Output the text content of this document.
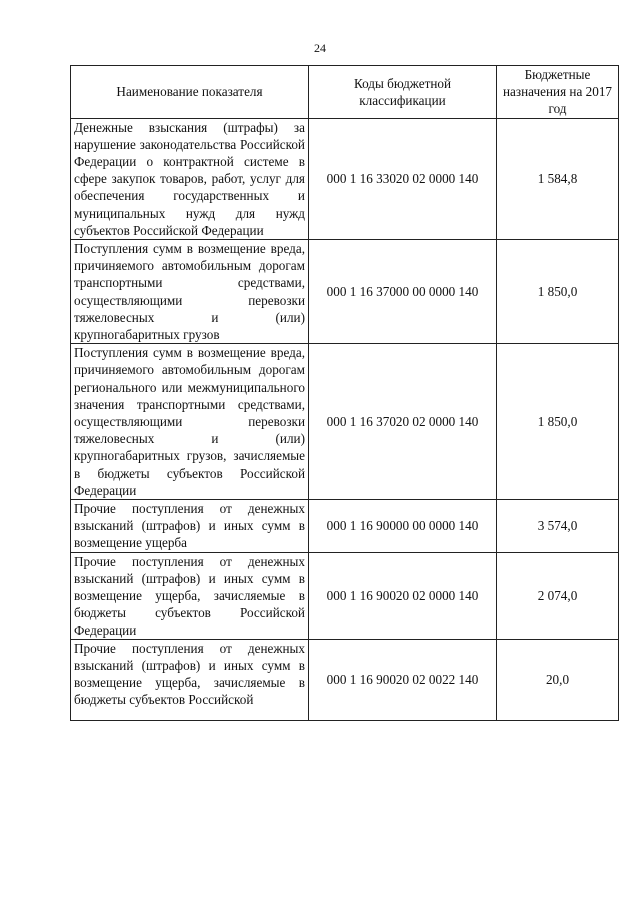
24
Наименование показателя	Коды бюджетной классификации	Бюджетные назначения на 2017 год
Денежные взыскания (штрафы) за нарушение законодательства Российской Федерации о контрактной системе в сфере закупок товаров, работ, услуг для обеспечения государственных и муниципальных нужд для нужд субъектов Российской Федерации	000 1 16 33020 02 0000 140	1 584,8
Поступления сумм в возмещение вреда, причиняемого автомобильным дорогам транспортными средствами, осуществляющими перевозки тяжеловесных и (или) крупногабаритных грузов	000 1 16 37000 00 0000 140	1 850,0
Поступления сумм в возмещение вреда, причиняемого автомобильным дорогам регионального или межмуниципального значения транспортными средствами, осуществляющими перевозки тяжеловесных и (или) крупногабаритных грузов, зачисляемые в бюджеты субъектов Российской Федерации	000 1 16 37020 02 0000 140	1 850,0
Прочие поступления от денежных взысканий (штрафов) и иных сумм в возмещение ущерба	000 1 16 90000 00 0000 140	3 574,0
Прочие поступления от денежных взысканий (штрафов) и иных сумм в возмещение ущерба, зачисляемые в бюджеты субъектов Российской Федерации	000 1 16 90020 02 0000 140	2 074,0

Прочие поступления от денежных взысканий (штрафов) и иных сумм в возмещение ущерба, зачисляемые в бюджеты субъектов Российской	000 1 16 90020 02 0022 140	20,0
